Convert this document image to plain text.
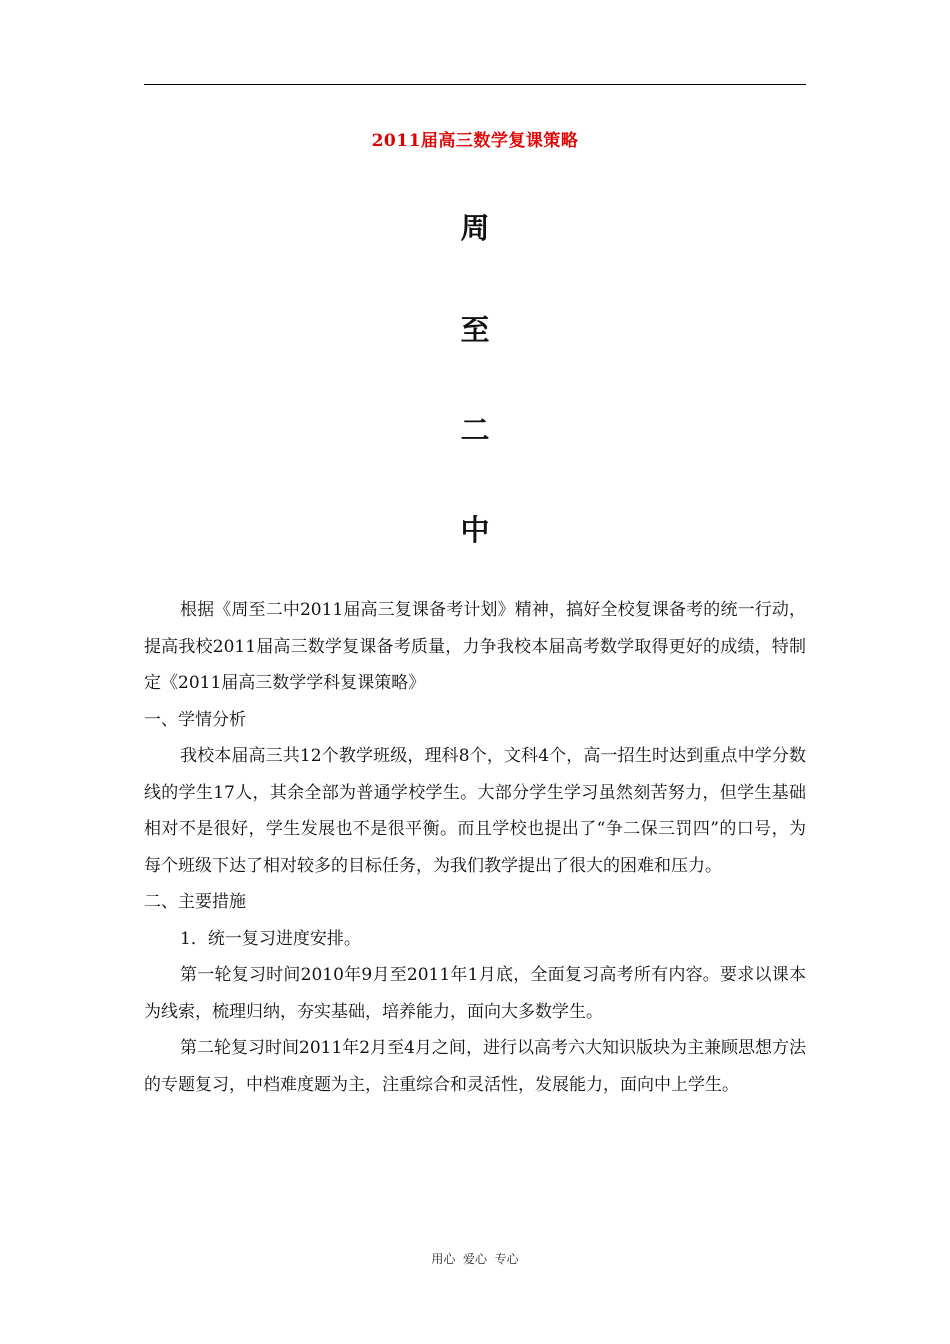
2011届高三数学复课策略
周
至
二
中

根据《周至二中2011届高三复课备考计划》精神，搞好全校复课备考的统一行动，提高我校2011届高三数学复课备考质量，力争我校本届高考数学取得更好的成绩，特制定《2011届高三数学学科复课策略》

一、学情分析

我校本届高三共12个教学班级，理科8个，文科4个，高一招生时达到重点中学分数线的学生17人，其余全部为普通学校学生。大部分学生学习虽然刻苦努力，但学生基础相对不是很好，学生发展也不是很平衡。而且学校也提出了“争二保三罚四”的口号，为每个班级下达了相对较多的目标任务，为我们教学提出了很大的困难和压力。

二、主要措施

1．统一复习进度安排。

第一轮复习时间2010年9月至2011年1月底，全面复习高考所有内容。要求以课本为线索，梳理归纳，夯实基础，培养能力，面向大多数学生。

第二轮复习时间2011年2月至4月之间，进行以高考六大知识版块为主兼顾思想方法的专题复习，中档难度题为主，注重综合和灵活性，发展能力，面向中上学生。

用心  爱心  专心
